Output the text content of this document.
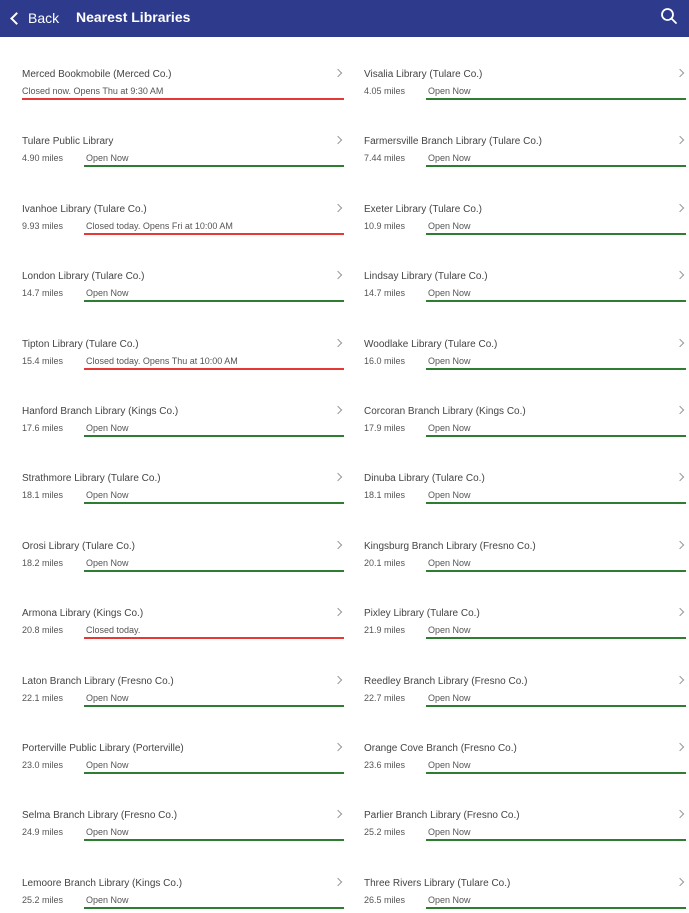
Back Nearest Libraries
Merced Bookmobile (Merced Co.)
Closed now. Opens Thu at 9:30 AM
Visalia Library (Tulare Co.)
4.05 miles	Open Now
Tulare Public Library
4.90 miles	Open Now
Farmersville Branch Library (Tulare Co.)
7.44 miles	Open Now
Ivanhoe Library (Tulare Co.)
9.93 miles	Closed today. Opens Fri at 10:00 AM
Exeter Library (Tulare Co.)
10.9 miles	Open Now
London Library (Tulare Co.)
14.7 miles	Open Now
Lindsay Library (Tulare Co.)
14.7 miles	Open Now
Tipton Library (Tulare Co.)
15.4 miles	Closed today. Opens Thu at 10:00 AM
Woodlake Library (Tulare Co.)
16.0 miles	Open Now
Hanford Branch Library (Kings Co.)
17.6 miles	Open Now
Corcoran Branch Library (Kings Co.)
17.9 miles	Open Now
Strathmore Library (Tulare Co.)
18.1 miles	Open Now
Dinuba Library (Tulare Co.)
18.1 miles	Open Now
Orosi Library (Tulare Co.)
18.2 miles	Open Now
Kingsburg Branch Library (Fresno Co.)
20.1 miles	Open Now
Armona Library (Kings Co.)
20.8 miles	Closed today.
Pixley Library (Tulare Co.)
21.9 miles	Open Now
Laton Branch Library (Fresno Co.)
22.1 miles	Open Now
Reedley Branch Library (Fresno Co.)
22.7 miles	Open Now
Porterville Public Library (Porterville)
23.0 miles	Open Now
Orange Cove Branch (Fresno Co.)
23.6 miles	Open Now
Selma Branch Library (Fresno Co.)
24.9 miles	Open Now
Parlier Branch Library (Fresno Co.)
25.2 miles	Open Now
Lemoore Branch Library (Kings Co.)
25.2 miles	Open Now
Three Rivers Library (Tulare Co.)
26.5 miles	Open Now
